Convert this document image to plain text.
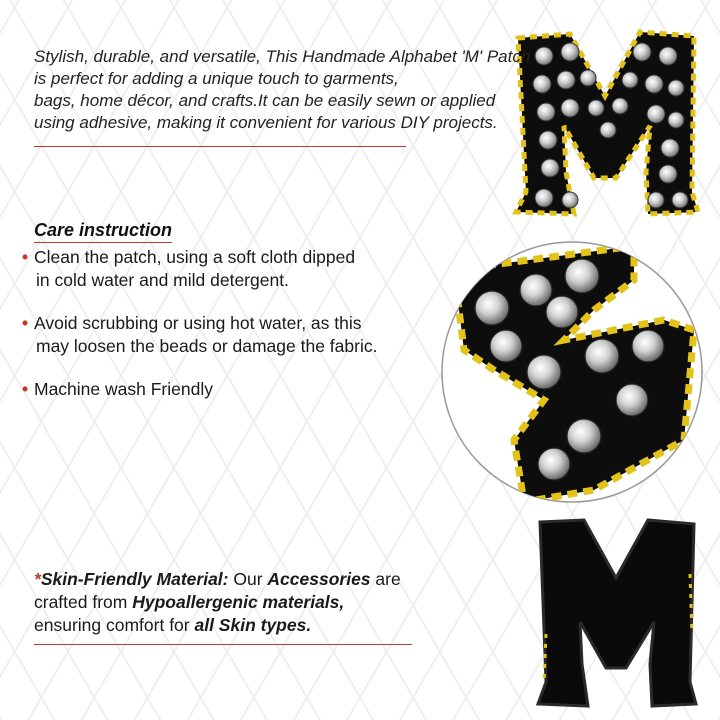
Stylish, durable, and versatile, This Handmade Alphabet 'M' Patch
is perfect for adding a unique touch to garments,
bags, home décor, and crafts.It can be easily sewn or applied
using adhesive, making it convenient for various DIY projects.
Care instruction
• Clean the patch, using a soft cloth dipped
in cold water and mild detergent.
• Avoid scrubbing or using hot water, as this
may loosen the beads or damage the fabric.
• Machine wash Friendly
*Skin-Friendly Material: Our Accessories are
crafted from Hypoallergenic materials,
ensuring comfort for all Skin types.
